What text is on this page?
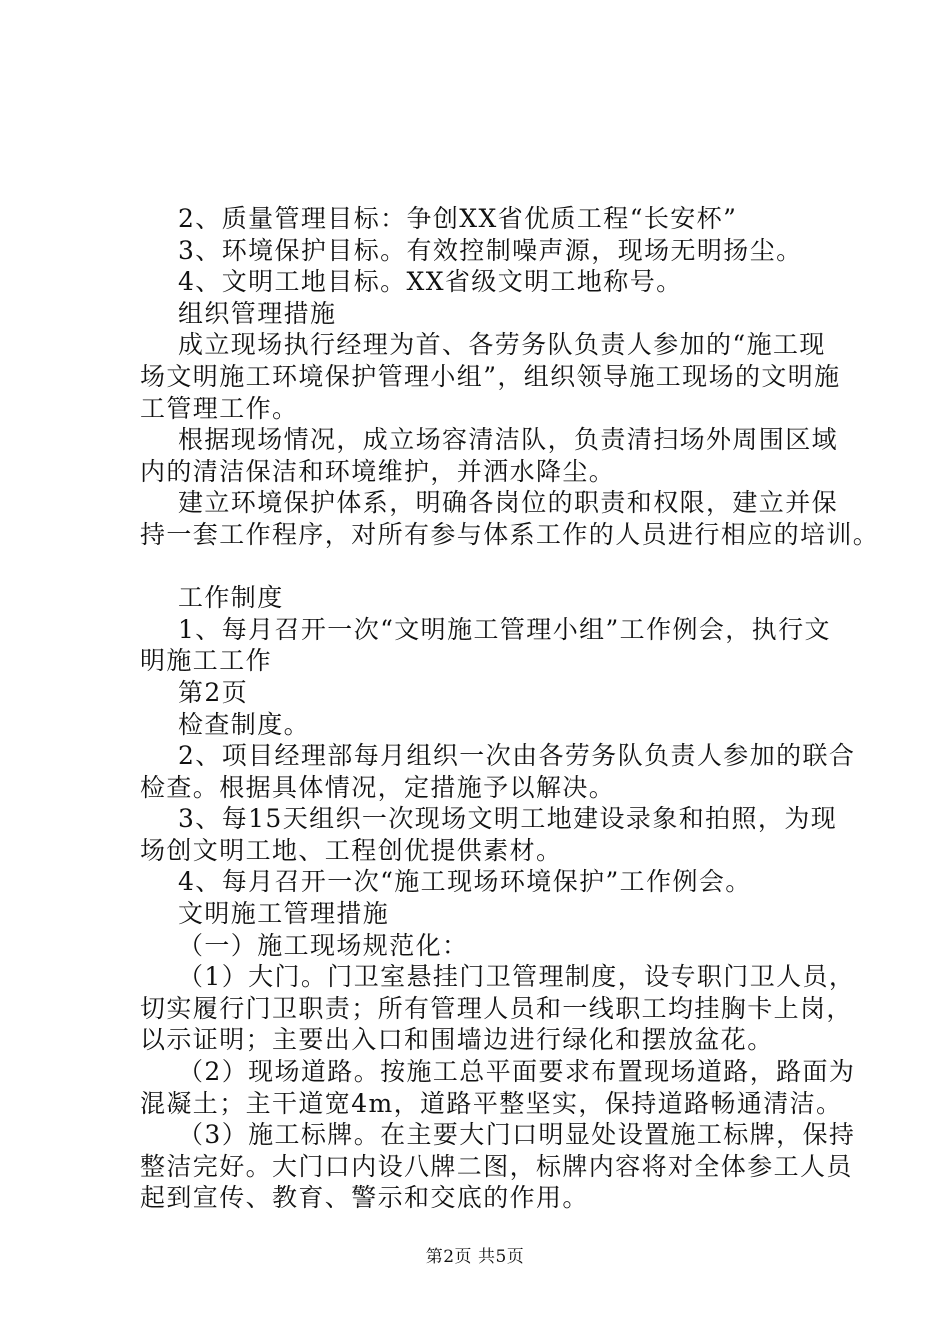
2、质量管理目标：争创XX省优质工程“长安杯”
3、环境保护目标。有效控制噪声源，现场无明扬尘。
4、文明工地目标。XX省级文明工地称号。
组织管理措施
成立现场执行经理为首、各劳务队负责人参加的“施工现
场文明施工环境保护管理小组”，组织领导施工现场的文明施
工管理工作。
根据现场情况，成立场容清洁队，负责清扫场外周围区域
内的清洁保洁和环境维护，并洒水降尘。
建立环境保护体系，明确各岗位的职责和权限，建立并保
持一套工作程序，对所有参与体系工作的人员进行相应的培训。
工作制度
1、每月召开一次“文明施工管理小组”工作例会，执行文
明施工工作
第2页
检查制度。
2、项目经理部每月组织一次由各劳务队负责人参加的联合
检查。根据具体情况，定措施予以解决。
3、每15天组织一次现场文明工地建设录象和拍照，为现
场创文明工地、工程创优提供素材。
4、每月召开一次“施工现场环境保护”工作例会。
文明施工管理措施
（一）施工现场规范化：
（1）大门。门卫室悬挂门卫管理制度，设专职门卫人员，
切实履行门卫职责；所有管理人员和一线职工均挂胸卡上岗，
以示证明；主要出入口和围墙边进行绿化和摆放盆花。
（2）现场道路。按施工总平面要求布置现场道路，路面为
混凝土；主干道宽4m，道路平整坚实，保持道路畅通清洁。
（3）施工标牌。在主要大门口明显处设置施工标牌，保持
整洁完好。大门口内设八牌二图，标牌内容将对全体参工人员
起到宣传、教育、警示和交底的作用。
第2页 共5页
